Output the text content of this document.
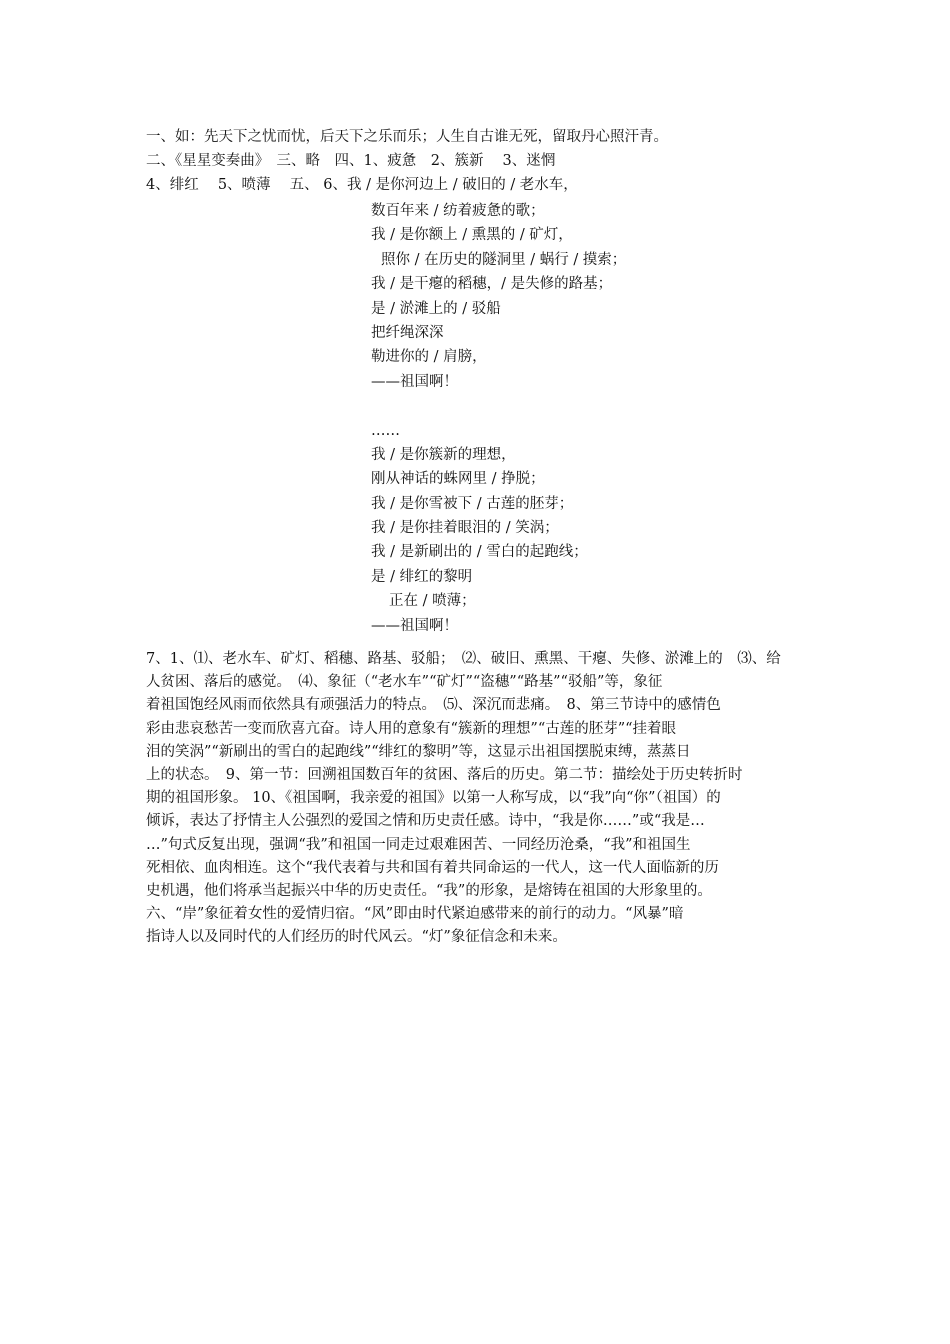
一、如：先天下之忧而忧，后天下之乐而乐；人生自古谁无死，留取丹心照汗青。
二、《星星变奏曲》　三、略　四、1、疲惫　2、簇新　 3、迷惘
4、绯红　 5、喷薄　 五、 6、我 / 是你河边上 / 破旧的 / 老水车，
数百年来 / 纺着疲惫的歌；
我 / 是你额上 / 熏黑的 / 矿灯，
照你 / 在历史的隧洞里 / 蜗行 / 摸索；
我 / 是干瘪的稻穗，/ 是失修的路基；
是 / 淤滩上的 / 驳船
把纤绳深深
勒进你的 / 肩膀，
——祖国啊！
……
我 / 是你簇新的理想，
刚从神话的蛛网里 / 挣脱；
我 / 是你雪被下 / 古莲的胚芽；
我 / 是你挂着眼泪的 / 笑涡；
我 / 是新刷出的 / 雪白的起跑线；
是 / 绯红的黎明
正在 / 喷薄；
——祖国啊！
7、1、⑴、老水车、矿灯、稻穗、路基、驳船；　⑵、破旧、熏黑、干瘪、失修、淤滩上的　⑶、给
人贫困、落后的感觉。　⑷、象征（“老水车”“矿灯”“盗穗”“路基”“驳船”等，象征
着祖国饱经风雨而依然具有顽强活力的特点。　⑸、深沉而悲痛。　8、第三节诗中的感情色
彩由悲哀愁苦一变而欣喜亢奋。诗人用的意象有“簇新的理想”“古莲的胚芽”“挂着眼
泪的笑涡”“新刷出的雪白的起跑线”“绯红的黎明”等，这显示出祖国摆脱束缚，蒸蒸日
上的状态。　9、第一节：回溯祖国数百年的贫困、落后的历史。第二节：描绘处于历史转折时
期的祖国形象。 10、《祖国啊，我亲爱的祖国》以第一人称写成，以“我”向“你”（祖国）的
倾诉，表达了抒情主人公强烈的爱国之情和历史责任感。诗中，“我是你……”或“我是…
…”句式反复出现，强调“我”和祖国一同走过艰难困苦、一同经历沧桑，“我”和祖国生
死相依、血肉相连。这个“我代表着与共和国有着共同命运的一代人，这一代人面临新的历
史机遇，他们将承当起振兴中华的历史责任。“我”的形象，是熔铸在祖国的大形象里的。
六、“岸”象征着女性的爱情归宿。“风”即由时代紧迫感带来的前行的动力。“风暴”暗
指诗人以及同时代的人们经历的时代风云。“灯”象征信念和未来。
